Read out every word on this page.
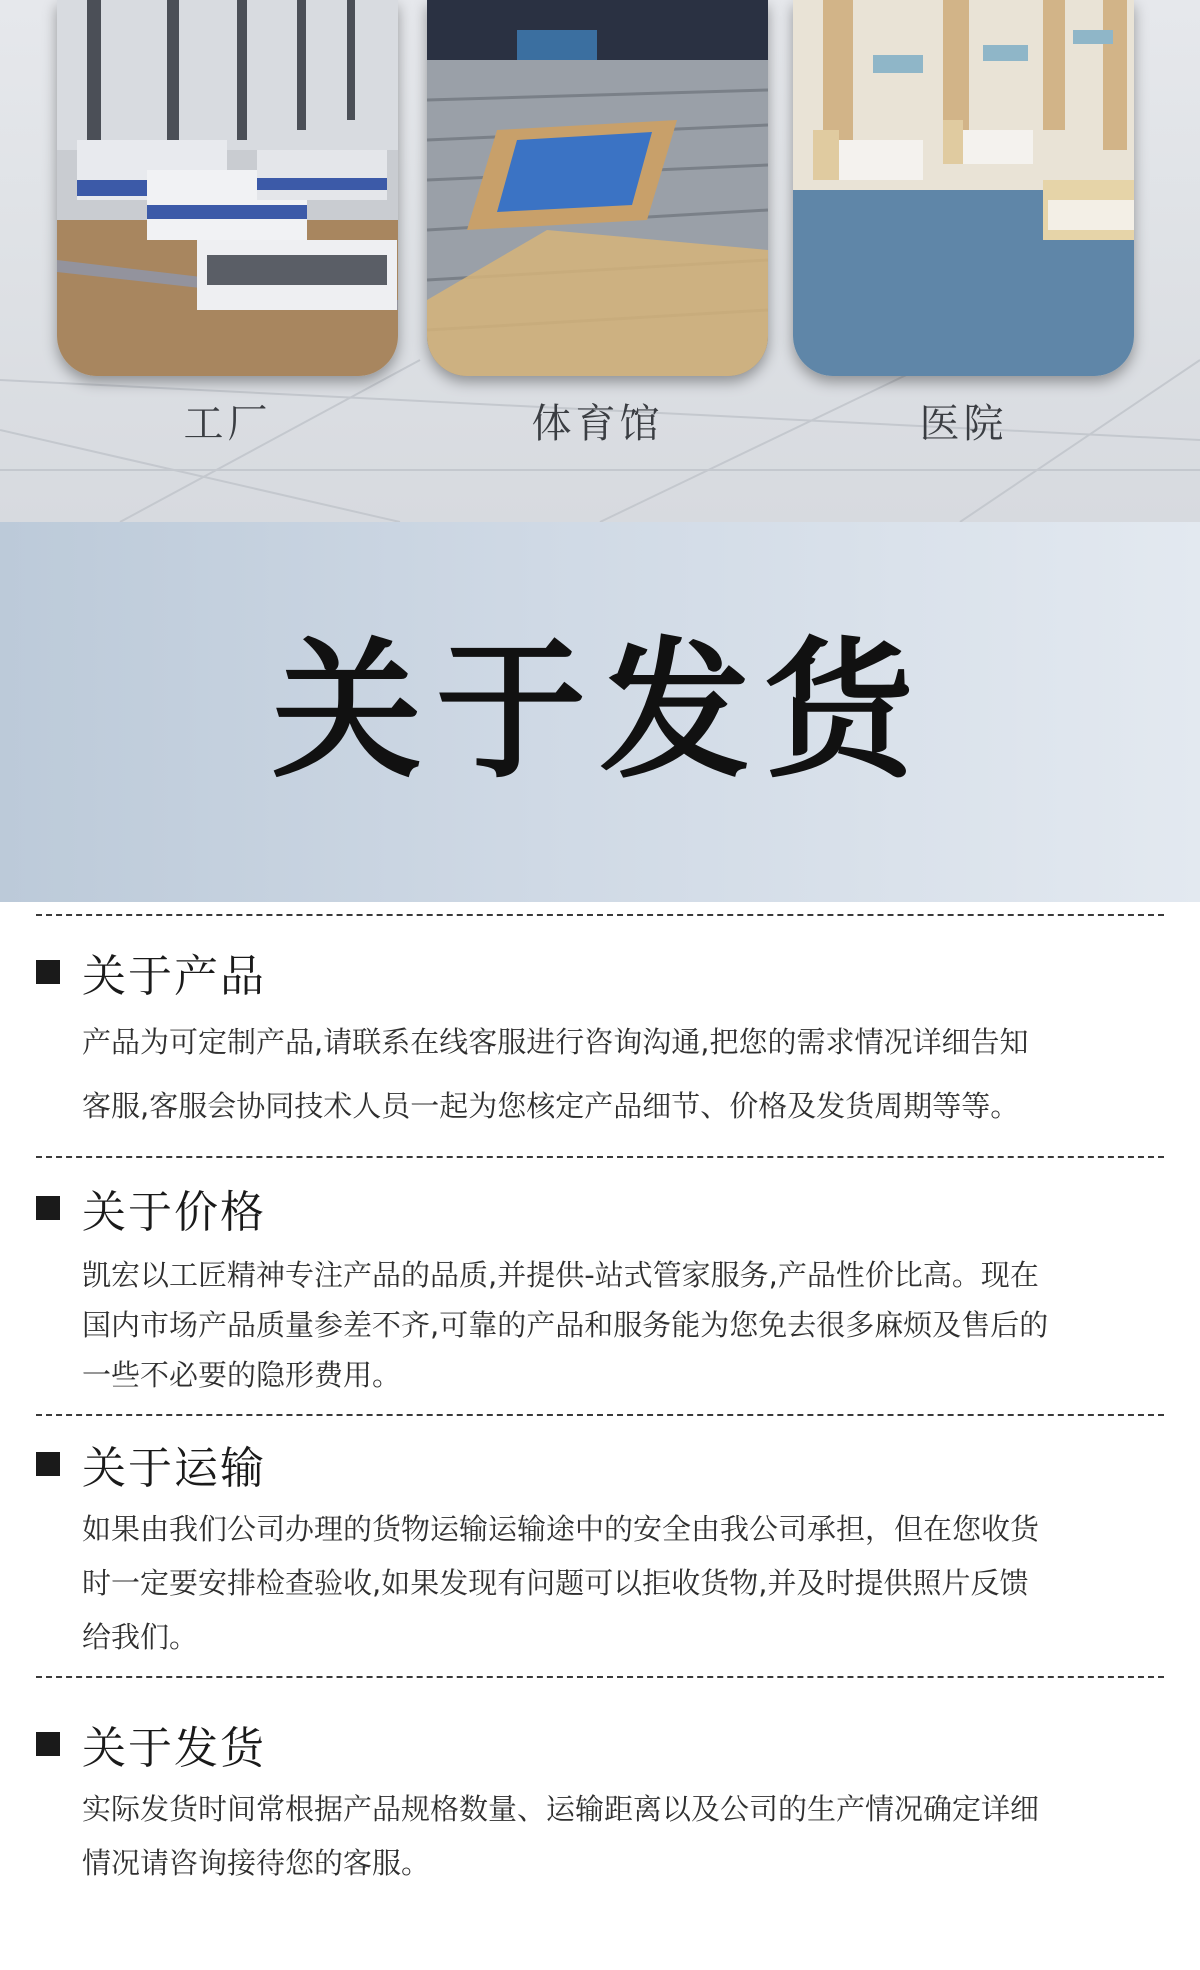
工厂	体育馆	医院
关于发货
关于产品

产品为可定制产品,请联系在线客服进行咨询沟通,把您的需求情况详细告知

客服,客服会协同技术人员一起为您核定产品细节、价格及发货周期等等。

关于价格

凯宏以工匠精神专注产品的品质,并提供-站式管家服务,产品性价比高。现在

国内市场产品质量参差不齐,可靠的产品和服务能为您免去很多麻烦及售后的

一些不必要的隐形费用。

关于运输

如果由我们公司办理的货物运输运输途中的安全由我公司承担，但在您收货

时一定要安排检查验收,如果发现有问题可以拒收货物,并及时提供照片反馈

给我们。

关于发货

实际发货时间常根据产品规格数量、运输距离以及公司的生产情况确定详细

情况请咨询接待您的客服。
